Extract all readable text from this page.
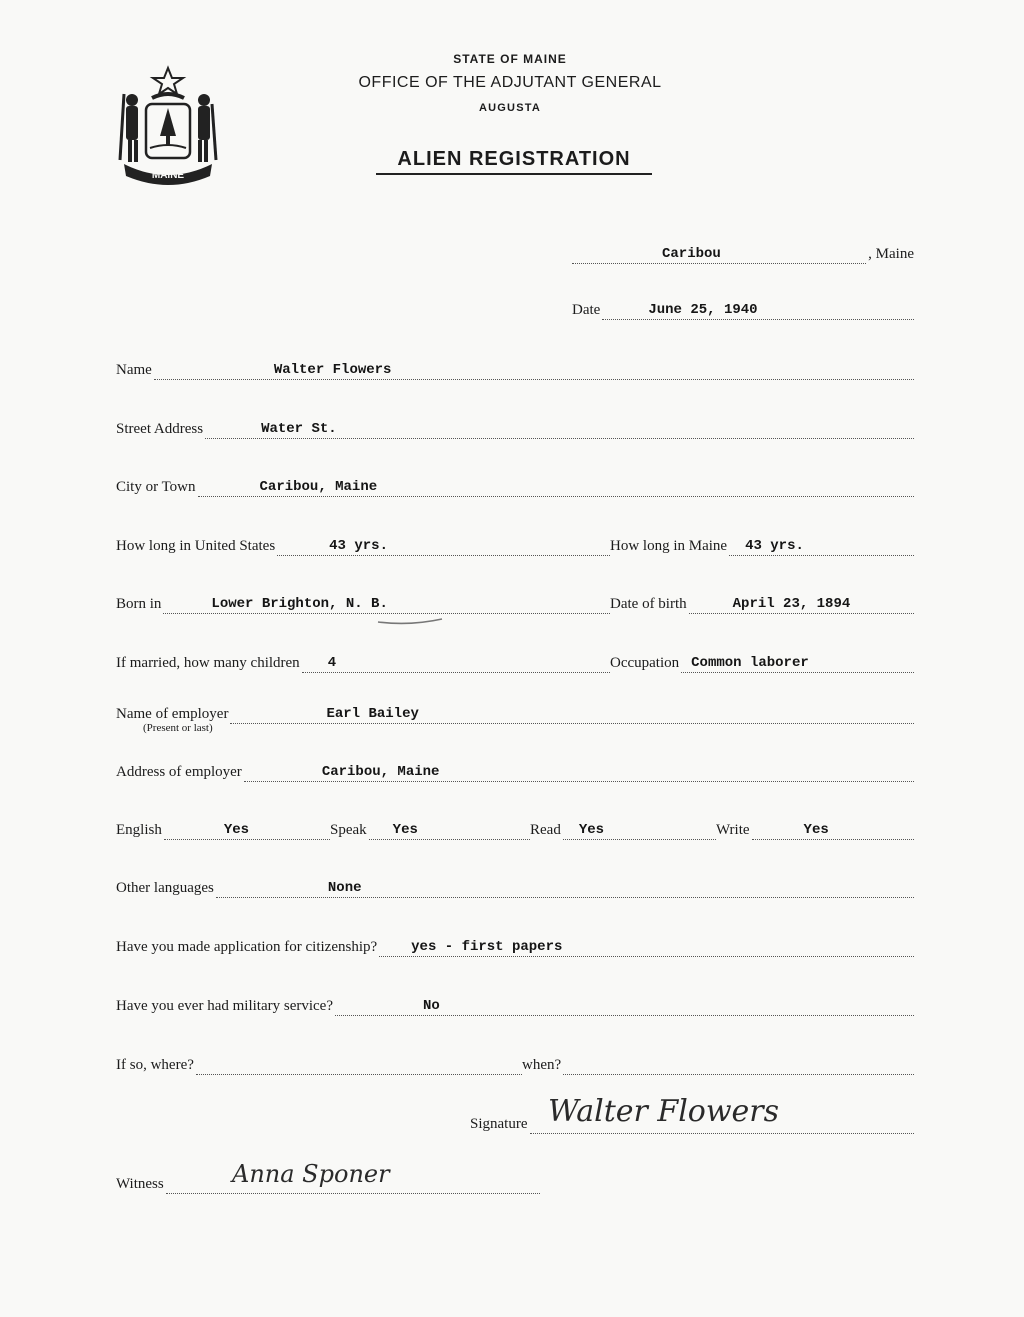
MAINE
STATE OF MAINE
OFFICE OF THE ADJUTANT GENERAL
AUGUSTA
ALIEN REGISTRATION
Caribou	, Maine
Date	June 25, 1940
Name	Walter Flowers
Street Address	Water St.
City or Town	Caribou, Maine
How long in United States	43 yrs.	How long in Maine 43 yrs.
Born in	Lower Brighton, N. B.	Date of birth	April 23, 1894
If married, how many children 4	Occupation Common laborer
Name of employer	Earl Bailey
(Present or last)
Address of employer	Caribou, Maine
English	Yes	Speak Yes	Read Yes	Write	Yes
Other languages	None
Have you made application for citizenship? yes - first papers
Have you ever had military service?	No
If so, where?	when?
Signature Walter Flowers
Witness	Anna Sponer
